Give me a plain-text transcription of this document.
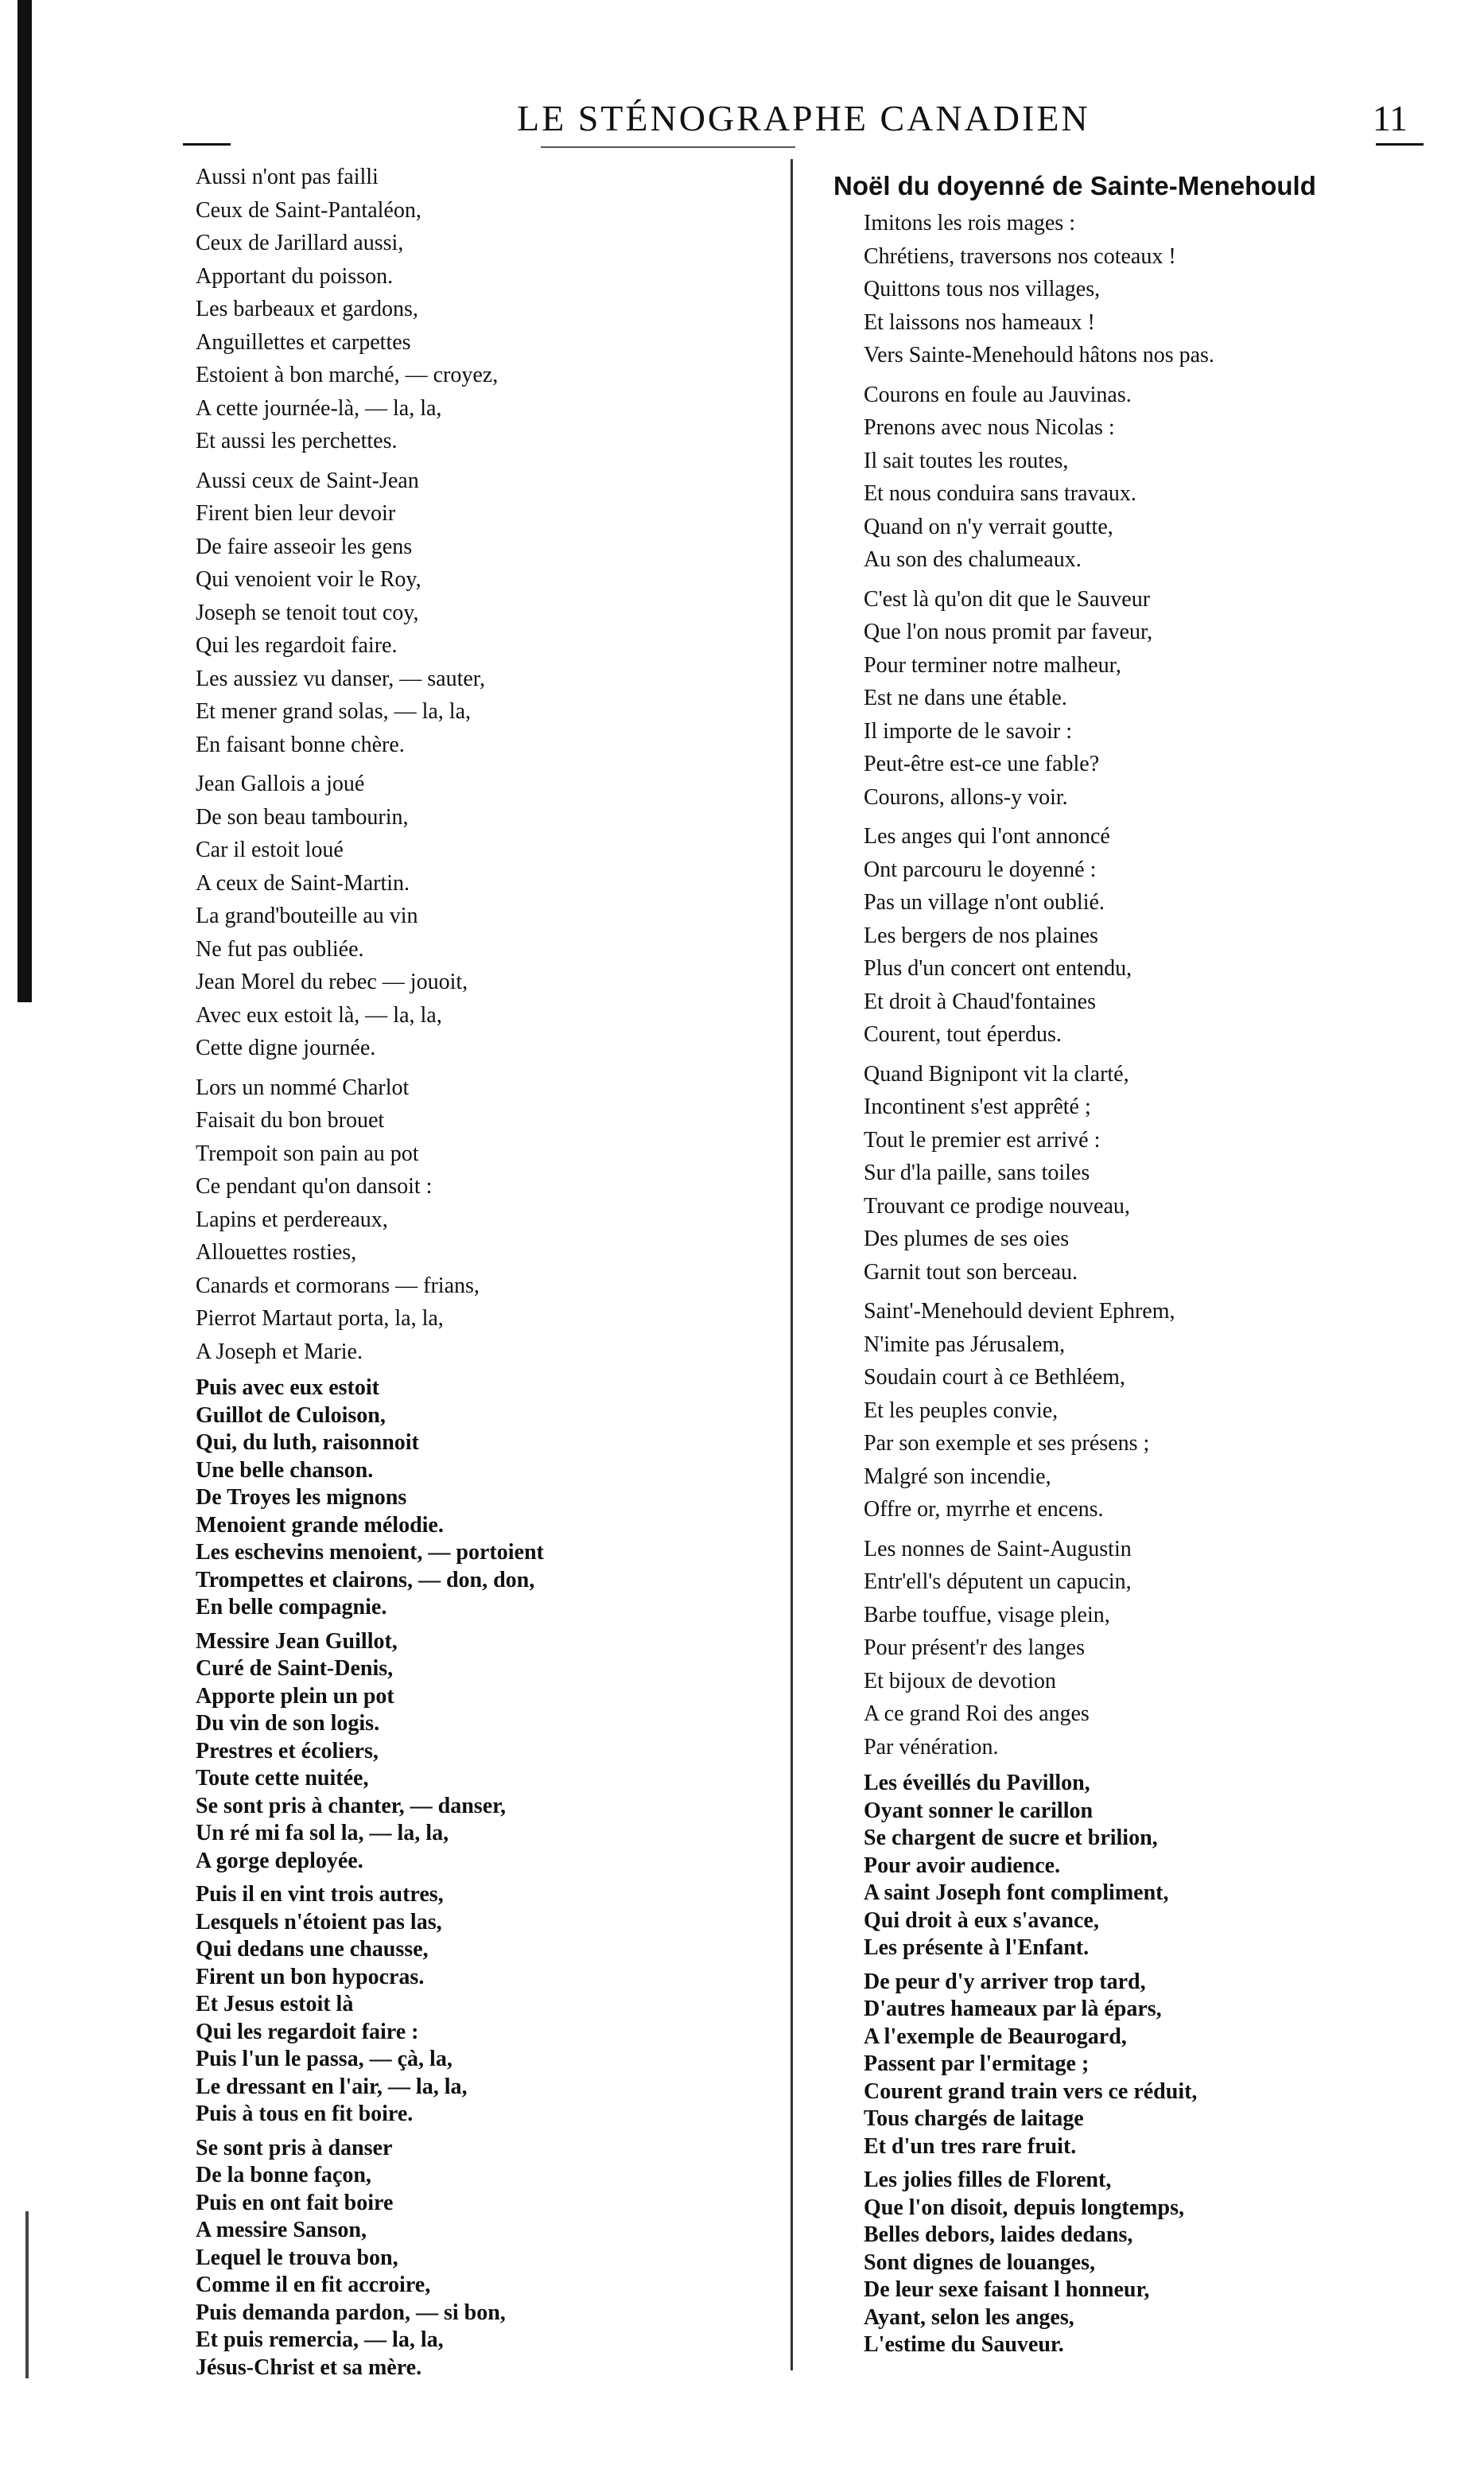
LE STÉNOGRAPHE CANADIEN	11
Aussi n'ont pas failli
Ceux de Saint-Pantaléon,
Ceux de Jarillard aussi,
Apportant du poisson.
Les barbeaux et gardons,
Anguillettes et carpettes
Estoient à bon marché, — croyez,
A cette journée-là, — la, la,
Et aussi les perchettes.
Aussi ceux de Saint-Jean
Firent bien leur devoir
De faire asseoir les gens
Qui venoient voir le Roy,
Joseph se tenoit tout coy,
Qui les regardoit faire.
Les aussiez vu danser, — sauter,
Et mener grand solas, — la, la,
En faisant bonne chère.
Jean Gallois a joué
De son beau tambourin,
Car il estoit loué
A ceux de Saint-Martin.
La grand'bouteille au vin
Ne fut pas oubliée.
Jean Morel du rebec — jouoit,
Avec eux estoit là, — la, la,
Cette digne journée.
Lors un nommé Charlot
Faisait du bon brouet
Trempoit son pain au pot
Ce pendant qu'on dansoit :
Lapins et perdereaux,
Allouettes rosties,
Canards et cormorans — frians,
Pierrot Martaut porta, la, la,
A Joseph et Marie.
Puis avec eux estoit
Guillot de Culoison,
Qui, du luth, raisonnoit
Une belle chanson.
De Troyes les mignons
Menoient grande mélodie.
Les eschevins menoient, — portoient
Trompettes et clairons, — don, don,
En belle compagnie.
Messire Jean Guillot,
Curé de Saint-Denis,
Apporte plein un pot
Du vin de son logis.
Prestres et écoliers,
Toute cette nuitée,
Se sont pris à chanter, — danser,
Un ré mi fa sol la, — la, la,
A gorge deployée.
Puis il en vint trois autres,
Lesquels n'étoient pas las,
Qui dedans une chausse,
Firent un bon hypocras.
Et Jesus estoit là
Qui les regardoit faire :
Puis l'un le passa, — çà, la,
Le dressant en l'air, — la, la,
Puis à tous en fit boire.
Se sont pris à danser
De la bonne façon,
Puis en ont fait boire
A messire Sanson,
Lequel le trouva bon,
Comme il en fit accroire,
Puis demanda pardon, — si bon,
Et puis remercia, — la, la,
Jésus-Christ et sa mère.
Noël du doyenné de Sainte-Menehould
Imitons les rois mages :
Chrétiens, traversons nos coteaux !
Quittons tous nos villages,
Et laissons nos hameaux !
Vers Sainte-Menehould hâtons nos pas.
Courons en foule au Jauvinas.
Prenons avec nous Nicolas :
Il sait toutes les routes,
Et nous conduira sans travaux.
Quand on n'y verrait goutte,
Au son des chalumeaux.
C'est là qu'on dit que le Sauveur
Que l'on nous promit par faveur,
Pour terminer notre malheur,
Est ne dans une étable.
Il importe de le savoir :
Peut-être est-ce une fable?
Courons, allons-y voir.
Les anges qui l'ont annoncé
Ont parcouru le doyenné :
Pas un village n'ont oublié.
Les bergers de nos plaines
Plus d'un concert ont entendu,
Et droit à Chaud'fontaines
Courent, tout éperdus.
Quand Bignipont vit la clarté,
Incontinent s'est apprêté ;
Tout le premier est arrivé :
Sur d'la paille, sans toiles
Trouvant ce prodige nouveau,
Des plumes de ses oies
Garnit tout son berceau.
Saint'-Menehould devient Ephrem,
N'imite pas Jérusalem,
Soudain court à ce Bethléem,
Et les peuples convie,
Par son exemple et ses présens ;
Malgré son incendie,
Offre or, myrrhe et encens.
Les nonnes de Saint-Augustin
Entr'ell's députent un capucin,
Barbe touffue, visage plein,
Pour présent'r des langes
Et bijoux de devotion
A ce grand Roi des anges
Par vénération.
Les éveillés du Pavillon,
Oyant sonner le carillon
Se chargent de sucre et brilion,
Pour avoir audience.
A saint Joseph font compliment,
Qui droit à eux s'avance,
Les présente à l'Enfant.
De peur d'y arriver trop tard,
D'autres hameaux par là épars,
A l'exemple de Beaurogard,
Passent par l'ermitage ;
Courent grand train vers ce réduit,
Tous chargés de laitage
Et d'un tres rare fruit.
Les jolies filles de Florent,
Que l'on disoit, depuis longtemps,
Belles debors, laides dedans,
Sont dignes de louanges,
De leur sexe faisant l honneur,
Ayant, selon les anges,
L'estime du Sauveur.
